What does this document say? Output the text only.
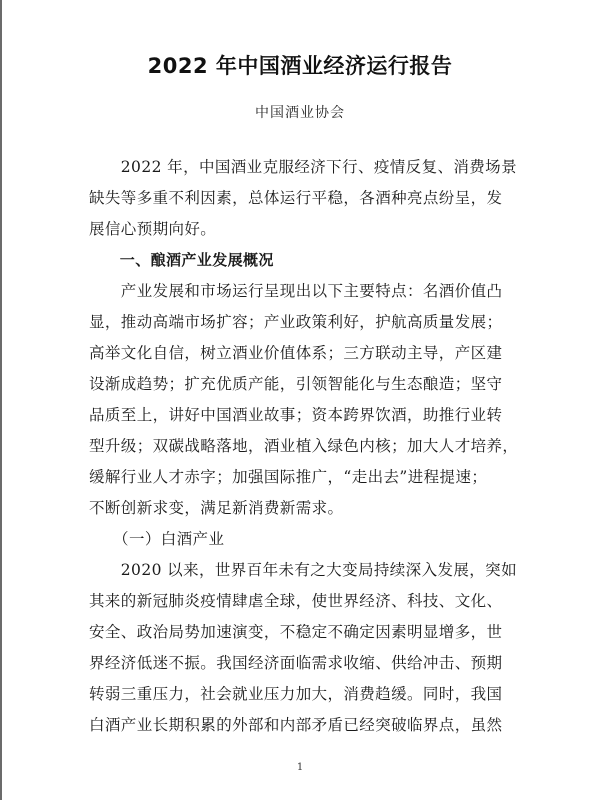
2022 年中国酒业经济运行报告
中国酒业协会
　　2022 年，中国酒业克服经济下行、疫情反复、消费场景
缺失等多重不利因素，总体运行平稳，各酒种亮点纷呈，发
展信心预期向好。
　　一、酿酒产业发展概况
　　产业发展和市场运行呈现出以下主要特点：名酒价值凸
显，推动高端市场扩容；产业政策利好，护航高质量发展；
高举文化自信，树立酒业价值体系；三方联动主导，产区建
设渐成趋势；扩充优质产能，引领智能化与生态酿造；坚守
品质至上，讲好中国酒业故事；资本跨界饮酒，助推行业转
型升级；双碳战略落地，酒业植入绿色内核；加大人才培养，
缓解行业人才赤字；加强国际推广，“走出去”进程提速；
不断创新求变，满足新消费新需求。
　　（一）白酒产业
　　2020 以来，世界百年未有之大变局持续深入发展，突如
其来的新冠肺炎疫情肆虐全球，使世界经济、科技、文化、
安全、政治局势加速演变，不稳定不确定因素明显增多，世
界经济低迷不振。我国经济面临需求收缩、供给冲击、预期
转弱三重压力，社会就业压力加大，消费趋缓。同时，我国
白酒产业长期积累的外部和内部矛盾已经突破临界点，虽然
1
